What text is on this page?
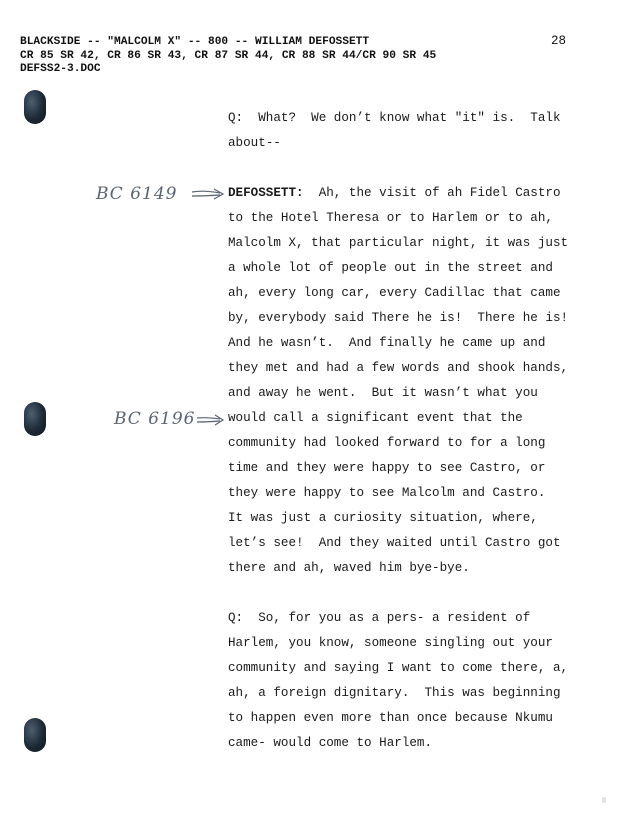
BLACKSIDE -- "MALCOLM X" -- 800 -- WILLIAM DEFOSSETT
CR 85 SR 42, CR 86 SR 43, CR 87 SR 44, CR 88 SR 44/CR 90 SR 45
DEFSS2-3.DOC
28
BC 6149
BC 6196
Q:  What?  We don’t know what "it" is.  Talk
about--
DEFOSSETT:  Ah, the visit of ah Fidel Castro
to the Hotel Theresa or to Harlem or to ah,
Malcolm X, that particular night, it was just
a whole lot of people out in the street and
ah, every long car, every Cadillac that came
by, everybody said There he is!  There he is!
And he wasn’t.  And finally he came up and
they met and had a few words and shook hands,
and away he went.  But it wasn’t what you
would call a significant event that the
community had looked forward to for a long
time and they were happy to see Castro, or
they were happy to see Malcolm and Castro.
It was just a curiosity situation, where,
let’s see!  And they waited until Castro got
there and ah, waved him bye-bye.
Q:  So, for you as a pers- a resident of
Harlem, you know, someone singling out your
community and saying I want to come there, a,
ah, a foreign dignitary.  This was beginning
to happen even more than once because Nkumu
came- would come to Harlem.
